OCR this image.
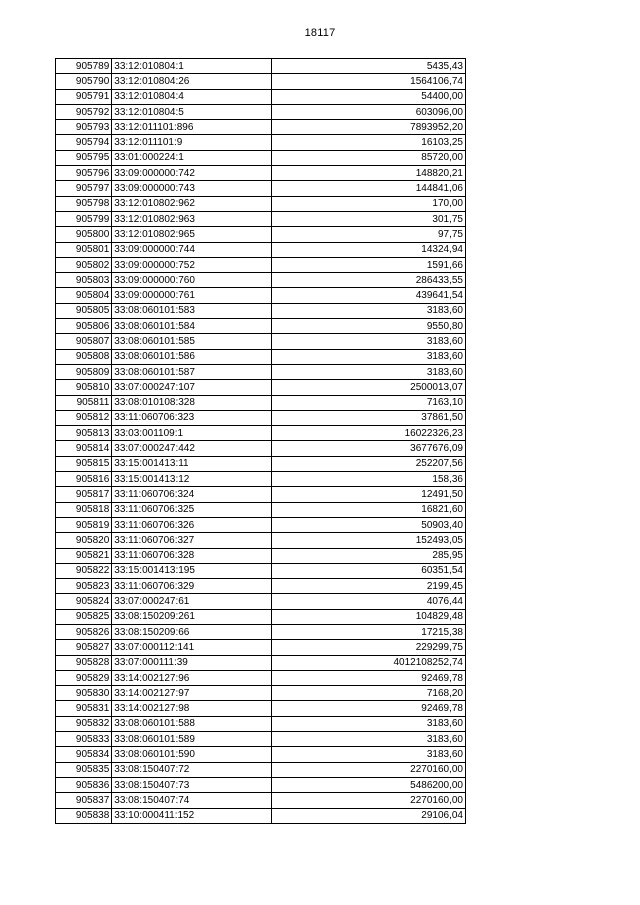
18117
905789	33:12:010804:1	5435,43
905790	33:12:010804:26	1564106,74
905791	33:12:010804:4	54400,00
905792	33:12:010804:5	603096,00
905793	33:12:011101:896	7893952,20
905794	33:12:011101:9	16103,25
905795	33:01:000224:1	85720,00
905796	33:09:000000:742	148820,21
905797	33:09:000000:743	144841,06
905798	33:12:010802:962	170,00
905799	33:12:010802:963	301,75
905800	33:12:010802:965	97,75
905801	33:09:000000:744	14324,94
905802	33:09:000000:752	1591,66
905803	33:09:000000:760	286433,55
905804	33:09:000000:761	439641,54
905805	33:08:060101:583	3183,60
905806	33:08:060101:584	9550,80
905807	33:08:060101:585	3183,60
905808	33:08:060101:586	3183,60
905809	33:08:060101:587	3183,60
905810	33:07:000247:107	2500013,07
905811	33:08:010108:328	7163,10
905812	33:11:060706:323	37861,50
905813	33:03:001109:1	16022326,23
905814	33:07:000247:442	3677676,09
905815	33:15:001413:11	252207,56
905816	33:15:001413:12	158,36
905817	33:11:060706:324	12491,50
905818	33:11:060706:325	16821,60
905819	33:11:060706:326	50903,40
905820	33:11:060706:327	152493,05
905821	33:11:060706:328	285,95
905822	33:15:001413:195	60351,54
905823	33:11:060706:329	2199,45
905824	33:07:000247:61	4076,44
905825	33:08:150209:261	104829,48
905826	33:08:150209:66	17215,38
905827	33:07:000112:141	229299,75
905828	33:07:000111:39	4012108252,74
905829	33:14:002127:96	92469,78
905830	33:14:002127:97	7168,20
905831	33:14:002127:98	92469,78
905832	33:08:060101:588	3183,60
905833	33:08:060101:589	3183,60
905834	33:08:060101:590	3183,60
905835	33:08:150407:72	2270160,00
905836	33:08:150407:73	5486200,00
905837	33:08:150407:74	2270160,00
905838	33:10:000411:152	29106,04
